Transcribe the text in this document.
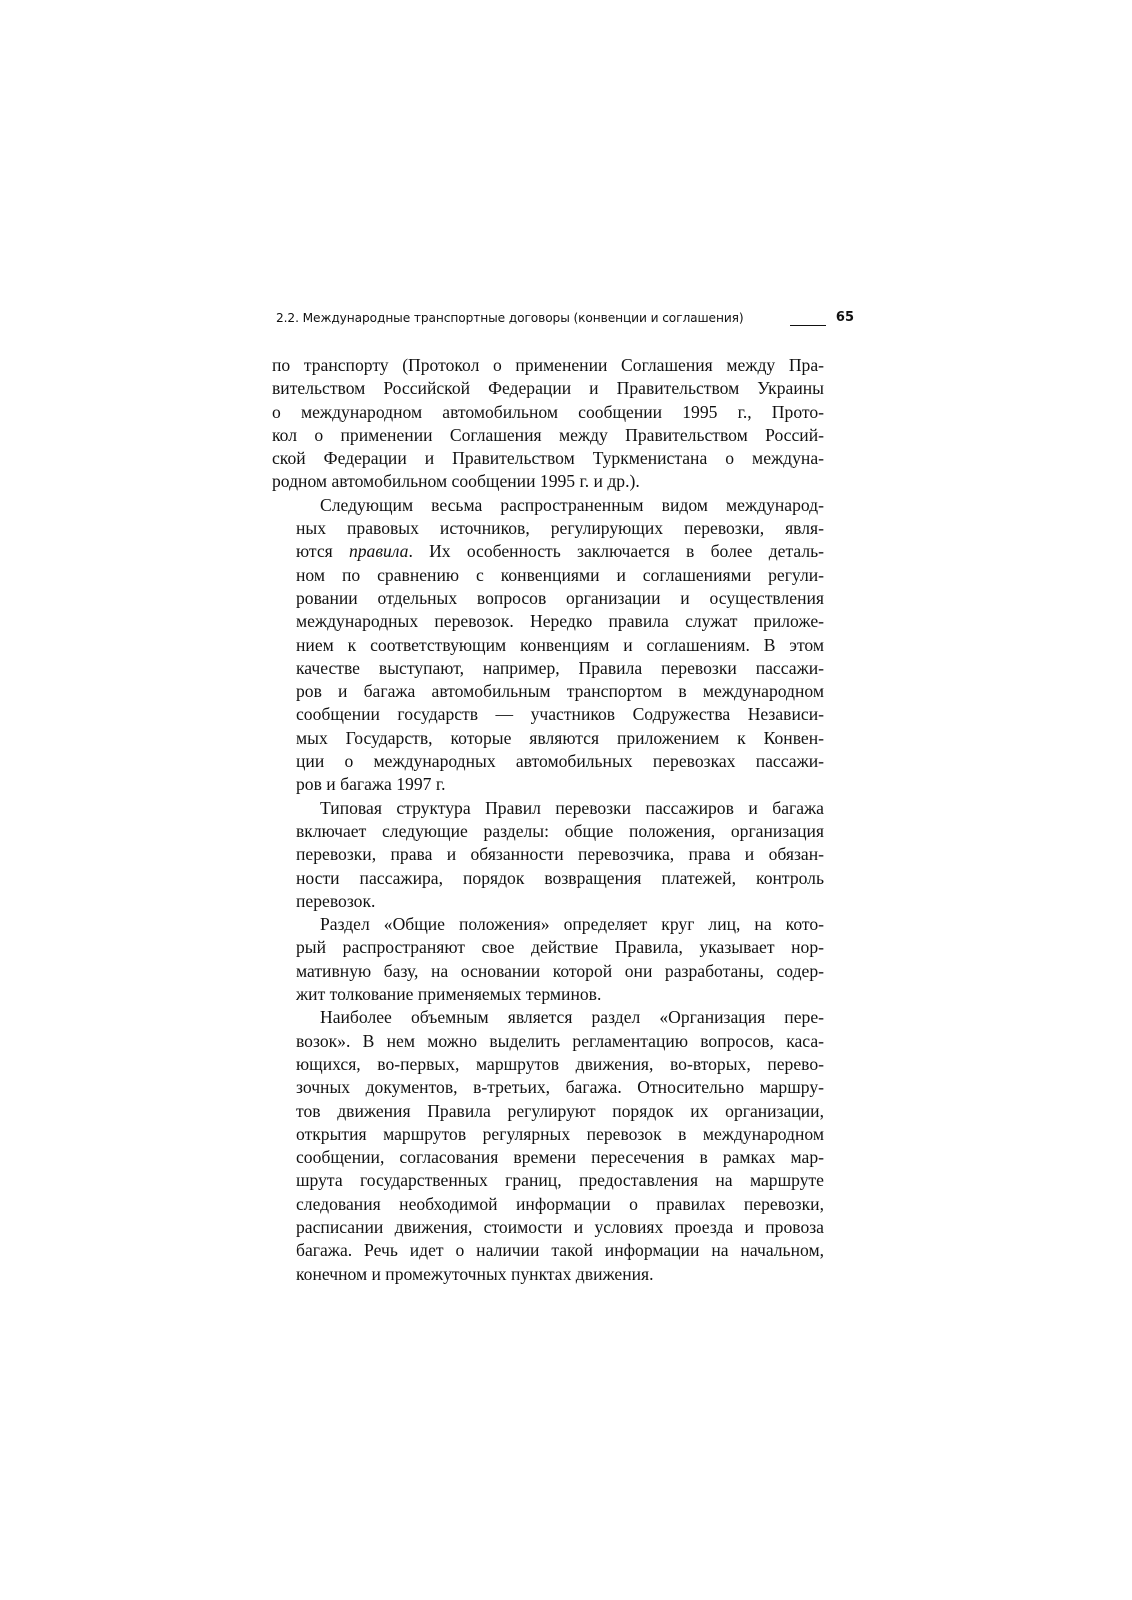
2.2. Международные транспортные договоры (конвенции и соглашения)	65

по транспорту (Протокол о применении Соглашения между Пра-
вительством Российской Федерации и Правительством Украины
о международном автомобильном сообщении 1995 г., Прото-
кол о применении Соглашения между Правительством Россий-
ской Федерации и Правительством Туркменистана о междуна-
родном автомобильном сообщении 1995 г. и др.).

Следующим весьма распространенным видом международ-
ных правовых источников, регулирующих перевозки, явля-
ются правила. Их особенность заключается в более деталь-
ном по сравнению с конвенциями и соглашениями регули-
ровании отдельных вопросов организации и осуществления
международных перевозок. Нередко правила служат приложе-
нием к соответствующим конвенциям и соглашениям. В этом
качестве выступают, например, Правила перевозки пассажи-
ров и багажа автомобильным транспортом в международном
сообщении государств — участников Содружества Независи-
мых Государств, которые являются приложением к Конвен-
ции о международных автомобильных перевозках пассажи-
ров и багажа 1997 г.

Типовая структура Правил перевозки пассажиров и багажа
включает следующие разделы: общие положения, организация
перевозки, права и обязанности перевозчика, права и обязан-
ности пассажира, порядок возвращения платежей, контроль
перевозок.

Раздел «Общие положения» определяет круг лиц, на кото-
рый распространяют свое действие Правила, указывает нор-
мативную базу, на основании которой они разработаны, содер-
жит толкование применяемых терминов.

Наиболее объемным является раздел «Организация пере-
возок». В нем можно выделить регламентацию вопросов, каса-
ющихся, во-первых, маршрутов движения, во-вторых, перево-
зочных документов, в-третьих, багажа. Относительно маршру-
тов движения Правила регулируют порядок их организации,
открытия маршрутов регулярных перевозок в международном
сообщении, согласования времени пересечения в рамках мар-
шрута государственных границ, предоставления на маршруте
следования необходимой информации о правилах перевозки,
расписании движения, стоимости и условиях проезда и провоза
багажа. Речь идет о наличии такой информации на начальном,
конечном и промежуточных пунктах движения.
